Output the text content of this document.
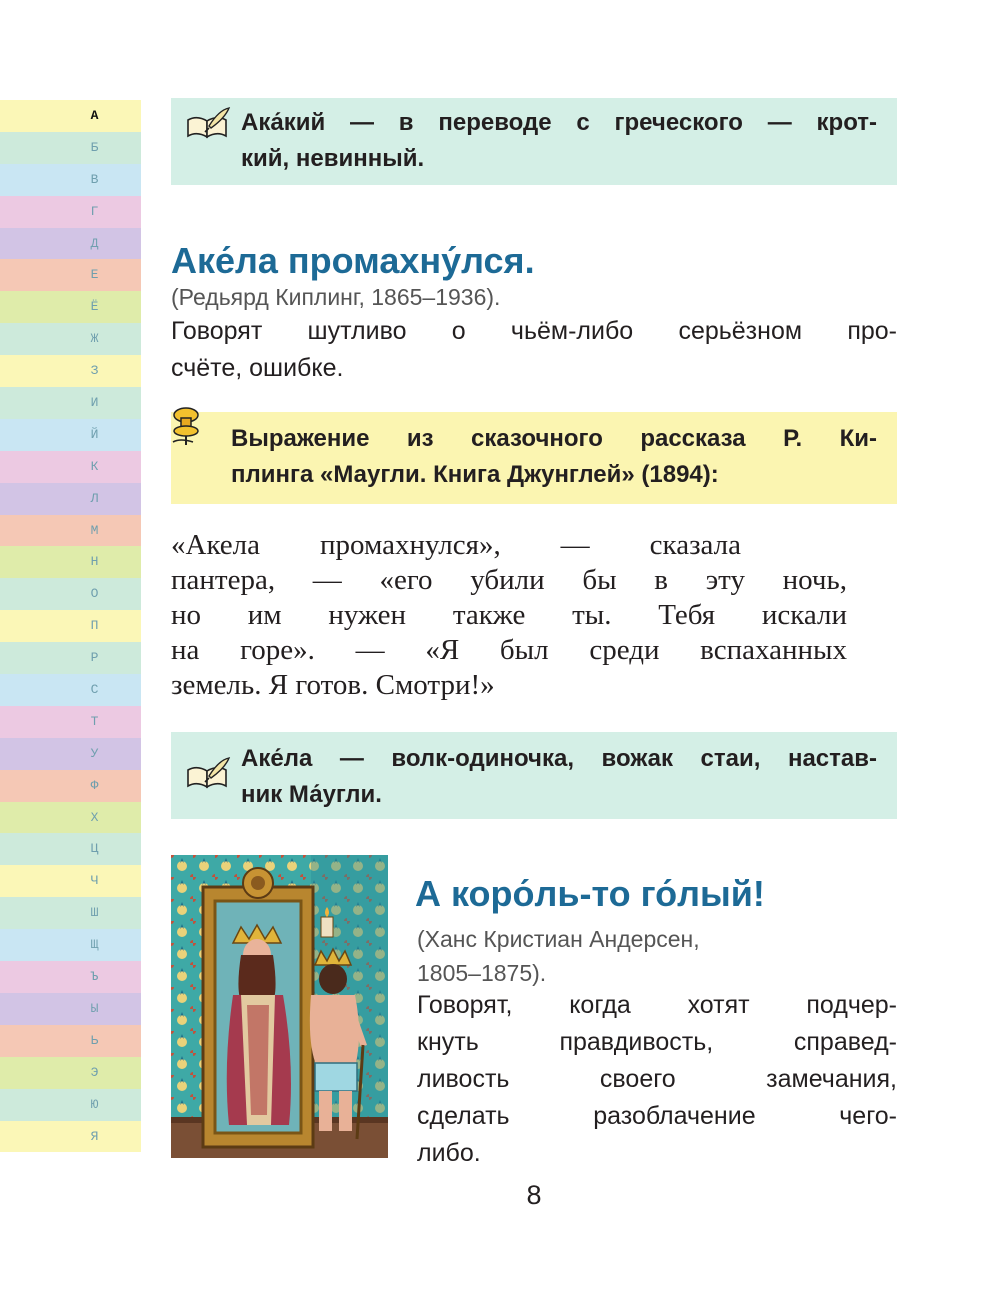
А
Б
В
Г
Д
Е
Ё
Ж
З
И
Й
К
Л
М
Н
О
П
Р
С
Т
У
Ф
Х
Ц
Ч
Ш
Щ
Ъ
Ы
Ь
Э
Ю
Я

Ака́кий — в переводе с греческого — крот-

кий, невинный.

Аке́ла промахну́лся.
(Редьярд Киплинг, 1865–1936).
Говорят шутливо о чьём-либо серьёзном про-
счёте, ошибке.

Выражение из сказочного рассказа Р. Ки-

плинга «Маугли. Книга Джунглей» (1894):

«Акела промахнулся», — сказала

пантера, — «его убили бы в эту ночь,

но им нужен также ты. Тебя искали

на горе». — «Я был среди вспаханных

земель. Я готов. Смотри!»

Аке́ла — волк-одиночка, вожак стаи, настав-

ник Ма́угли.

А коро́ль-то го́лый!
(Ханс Кристиан Андерсен,
1805–1875).
Говорят, когда хотят подчер-
кнуть правдивость, справед-
ливость своего замечания,
сделать разоблачение чего-
либо.
8
